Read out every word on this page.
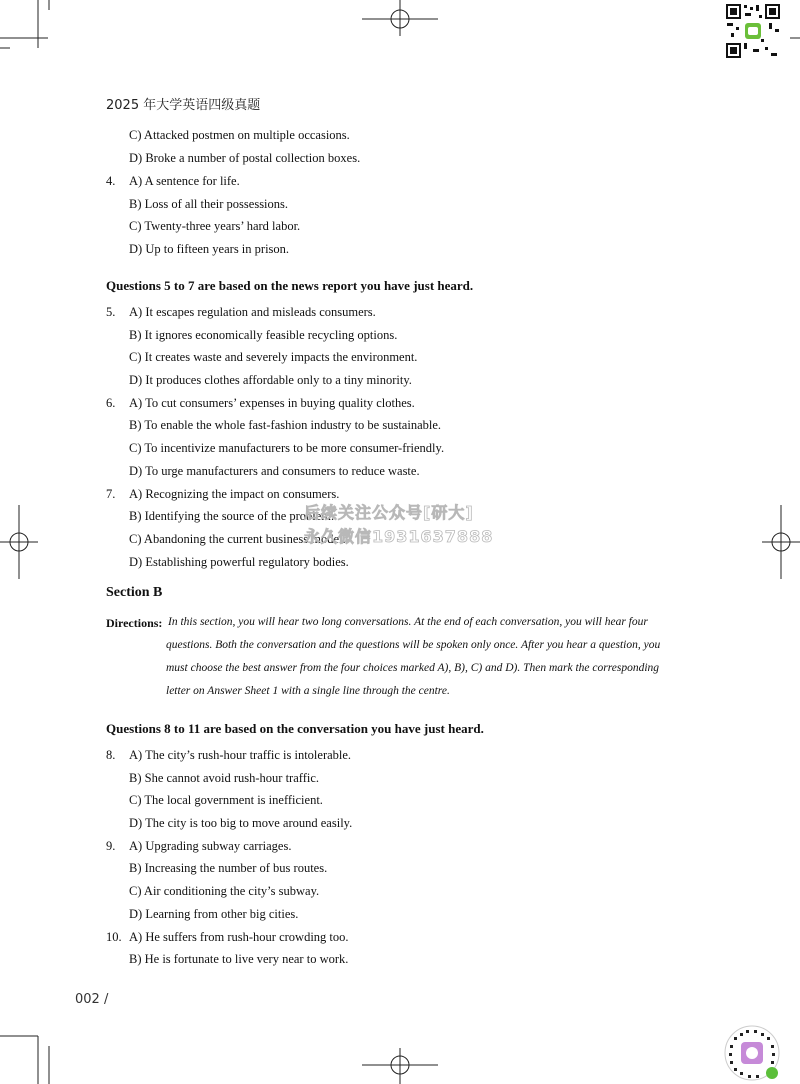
2025 年大学英语四级真题
C) Attacked postmen on multiple occasions.
D) Broke a number of postal collection boxes.
4. A) A sentence for life.
B) Loss of all their possessions.
C) Twenty-three years’ hard labor.
D) Up to fifteen years in prison.
Questions 5 to 7 are based on the news report you have just heard.
5. A) It escapes regulation and misleads consumers.
B) It ignores economically feasible recycling options.
C) It creates waste and severely impacts the environment.
D) It produces clothes affordable only to a tiny minority.
6. A) To cut consumers’ expenses in buying quality clothes.
B) To enable the whole fast-fashion industry to be sustainable.
C) To incentivize manufacturers to be more consumer-friendly.
D) To urge manufacturers and consumers to reduce waste.
7. A) Recognizing the impact on consumers.
B) Identifying the source of the problem.
C) Abandoning the current business model.
D) Establishing powerful regulatory bodies.
后续关注公众号[研大]
永久微信1931637888
Section B
Directions: In this section, you will hear two long conversations. At the end of each conversation, you will hear four
questions. Both the conversation and the questions will be spoken only once. After you hear a question, you
must choose the best answer from the four choices marked A), B), C) and D). Then mark the corresponding
letter on Answer Sheet 1 with a single line through the centre.
Questions 8 to 11 are based on the conversation you have just heard.
8. A) The city’s rush-hour traffic is intolerable.
B) She cannot avoid rush-hour traffic.
C) The local government is inefficient.
D) The city is too big to move around easily.
9. A) Upgrading subway carriages.
B) Increasing the number of bus routes.
C) Air conditioning the city’s subway.
D) Learning from other big cities.
10. A) He suffers from rush-hour crowding too.
B) He is fortunate to live very near to work.
002 /
